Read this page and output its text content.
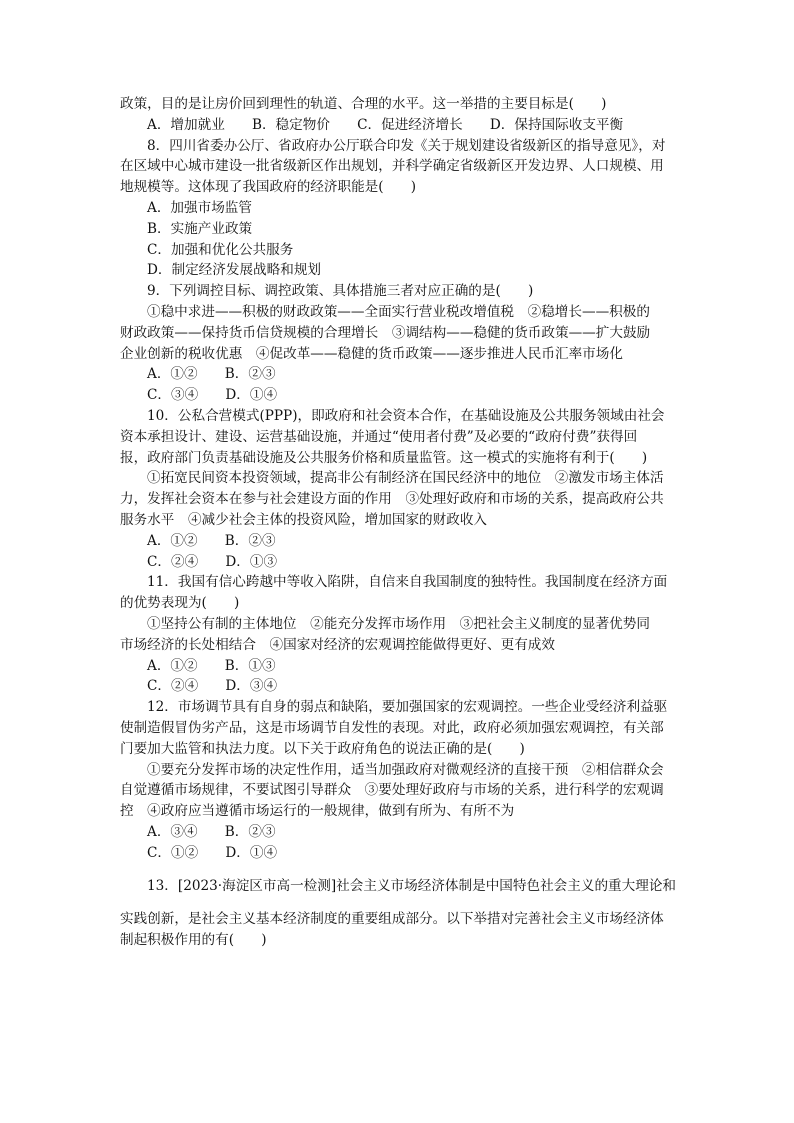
政策，目的是让房价回到理性的轨道、合理的水平。这一举措的主要目标是(　　)
A．增加就业　　B．稳定物价　　C．促进经济增长　　D．保持国际收支平衡
8．四川省委办公厅、省政府办公厅联合印发《关于规划建设省级新区的指导意见》，对
在区域中心城市建设一批省级新区作出规划，并科学确定省级新区开发边界、人口规模、用
地规模等。这体现了我国政府的经济职能是(　　)
A．加强市场监管
B．实施产业政策
C．加强和优化公共服务
D．制定经济发展战略和规划
9．下列调控目标、调控政策、具体措施三者对应正确的是(　　)
①稳中求进——积极的财政政策——全面实行营业税改增值税　②稳增长——积极的
财政政策——保持货币信贷规模的合理增长　③调结构——稳健的货币政策——扩大鼓励
企业创新的税收优惠　④促改革——稳健的货币政策——逐步推进人民币汇率市场化
A．①②　　B．②③
C．③④　　D．①④
10．公私合营模式(PPP)，即政府和社会资本合作，在基础设施及公共服务领域由社会
资本承担设计、建设、运营基础设施，并通过“使用者付费”及必要的“政府付费”获得回
报，政府部门负责基础设施及公共服务价格和质量监管。这一模式的实施将有利于(　　)
①拓宽民间资本投资领域，提高非公有制经济在国民经济中的地位　②激发市场主体活
力，发挥社会资本在参与社会建设方面的作用　③处理好政府和市场的关系，提高政府公共
服务水平　④减少社会主体的投资风险，增加国家的财政收入
A．①②　　B．②③
C．②④　　D．①③
11．我国有信心跨越中等收入陷阱，自信来自我国制度的独特性。我国制度在经济方面
的优势表现为(　　)
①坚持公有制的主体地位　②能充分发挥市场作用　③把社会主义制度的显著优势同
市场经济的长处相结合　④国家对经济的宏观调控能做得更好、更有成效
A．①②　　B．①③
C．②④　　D．③④
12．市场调节具有自身的弱点和缺陷，要加强国家的宏观调控。一些企业受经济利益驱
使制造假冒伪劣产品，这是市场调节自发性的表现。对此，政府必须加强宏观调控，有关部
门要加大监管和执法力度。以下关于政府角色的说法正确的是(　　)
①要充分发挥市场的决定性作用，适当加强政府对微观经济的直接干预　②相信群众会
自觉遵循市场规律，不要试图引导群众　③要处理好政府与市场的关系，进行科学的宏观调
控　④政府应当遵循市场运行的一般规律，做到有所为、有所不为
A．③④　　B．②③
C．①②　　D．①④
13．[2023·海淀区市高一检测]社会主义市场经济体制是中国特色社会主义的重大理论和
实践创新，是社会主义基本经济制度的重要组成部分。以下举措对完善社会主义市场经济体
制起积极作用的有(　　)
